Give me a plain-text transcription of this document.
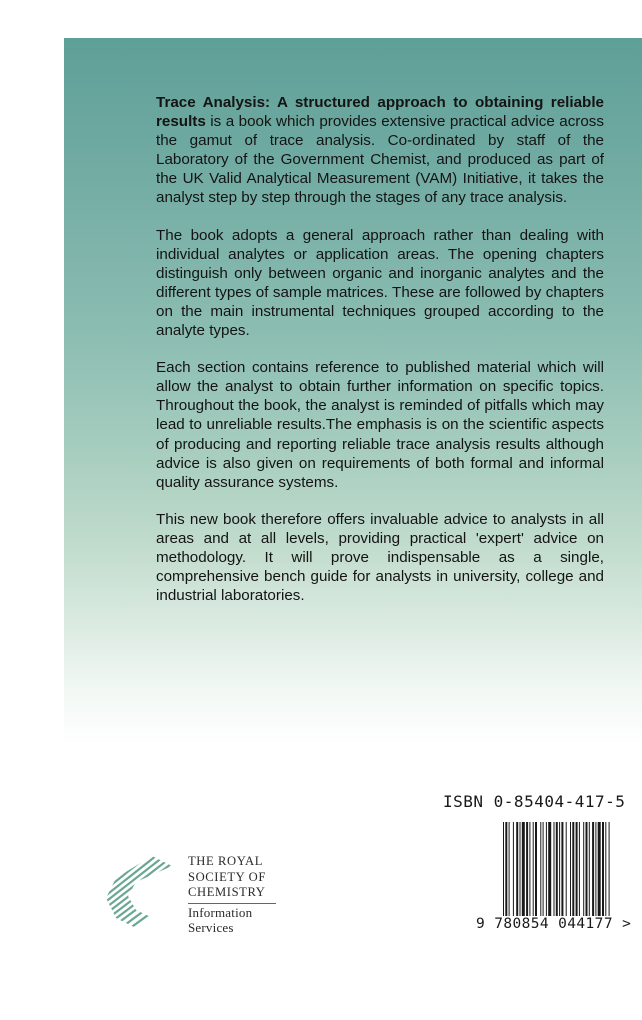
Trace Analysis: A structured approach to obtaining reliable results is a book which provides extensive practical advice across the gamut of trace analysis. Co-ordinated by staff of the Laboratory of the Government Chemist, and produced as part of the UK Valid Analytical Measurement (VAM) Initiative, it takes the analyst step by step through the stages of any trace analysis.

The book adopts a general approach rather than dealing with individual analytes or application areas. The opening chapters distinguish only between organic and inorganic analytes and the different types of sample matrices. These are followed by chapters on the main instrumental techniques grouped according to the analyte types.

Each section contains reference to published material which will allow the analyst to obtain further information on specific topics. Throughout the book, the analyst is reminded of pitfalls which may lead to unreliable results.The emphasis is on the scientific aspects of producing and reporting reliable trace analysis results although advice is also given on requirements of both formal and informal quality assurance systems.

This new book therefore offers invaluable advice to analysts in all areas and at all levels, providing practical 'expert' advice on methodology. It will prove indispensable as a single, comprehensive bench guide for analysts in university, college and industrial laboratories.

ISBN 0-85404-417-5
9 780854 044177 >
THE ROYAL
SOCIETY OF
CHEMISTRY
Information
Services
